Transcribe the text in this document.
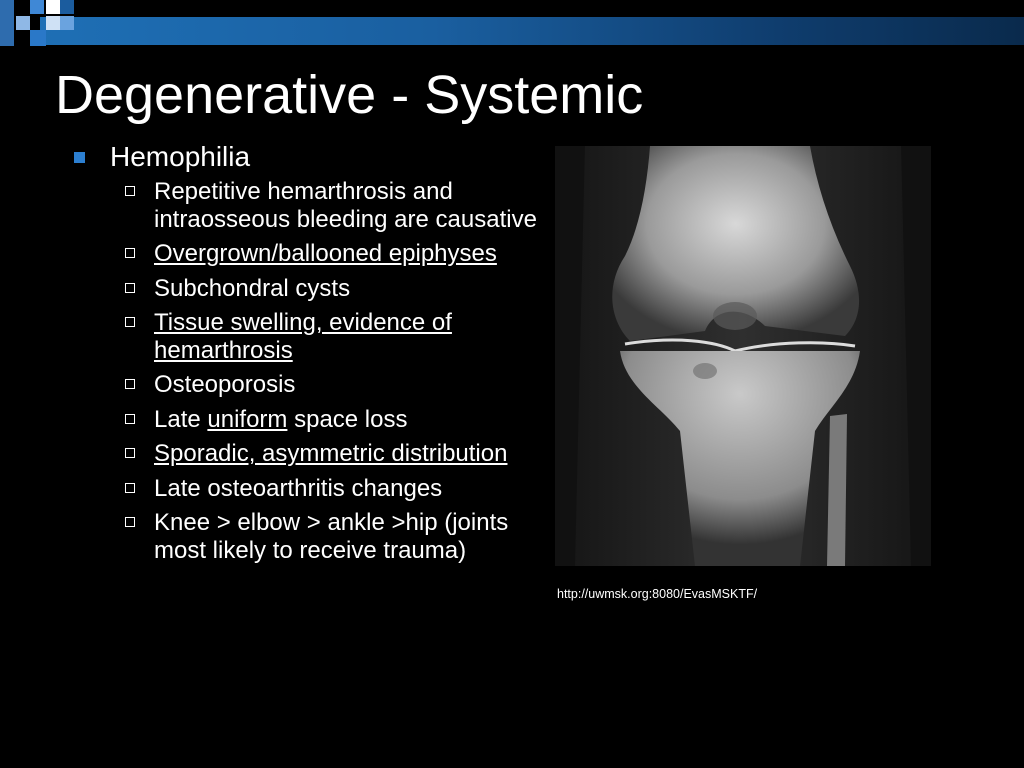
Degenerative - Systemic
Hemophilia
Repetitive hemarthrosis and intraosseous bleeding are causative
Overgrown/ballooned epiphyses
Subchondral cysts
Tissue swelling, evidence of hemarthrosis
Osteoporosis
Late uniform space loss
Sporadic, asymmetric distribution
Late osteoarthritis changes
Knee > elbow > ankle >hip (joints most likely to receive trauma)
http://uwmsk.org:8080/EvasMSKTF/
